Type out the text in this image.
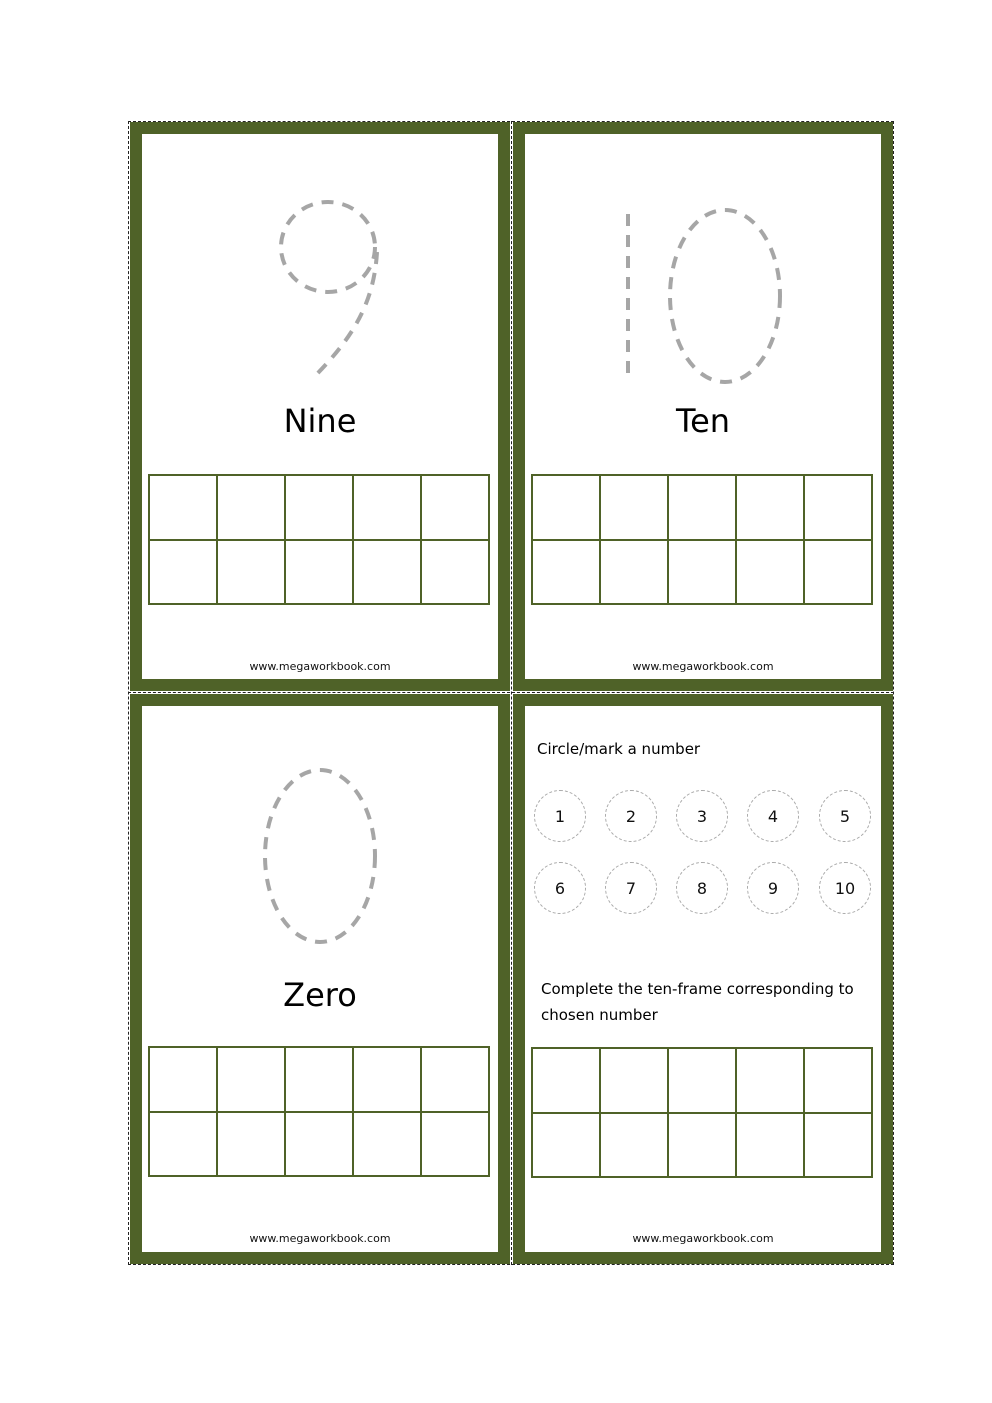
Nine
www.megaworkbook.com
Ten
www.megaworkbook.com
Zero
www.megaworkbook.com
Circle/mark a number
1	2	3	4	5
6	7	8	9	10
Complete the ten-frame corresponding to
chosen number
www.megaworkbook.com
